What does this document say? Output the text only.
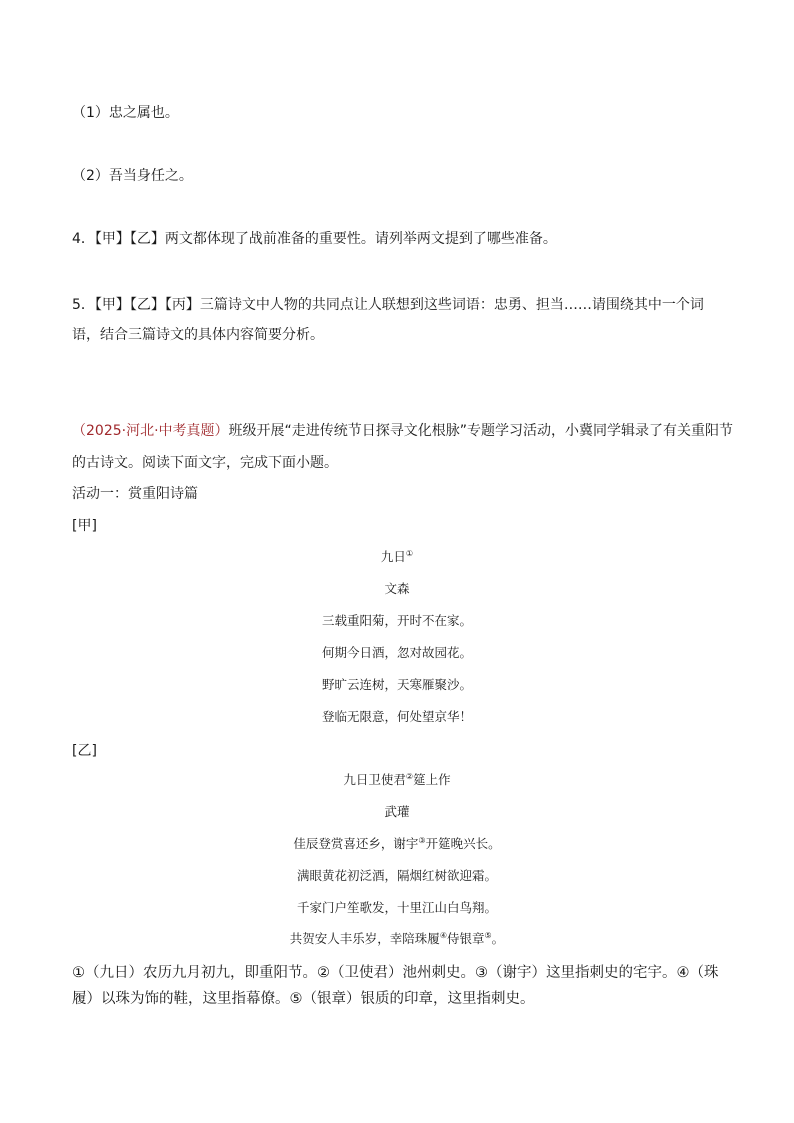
（1）忠之属也。
（2）吾当身任之。
4．【甲】【乙】两文都体现了战前准备的重要性。请列举两文提到了哪些准备。
5．【甲】【乙】【丙】三篇诗文中人物的共同点让人联想到这些词语：忠勇、担当……请围绕其中一个词
语，结合三篇诗文的具体内容简要分析。
（2025·河北·中考真题）班级开展“走进传统节日探寻文化根脉”专题学习活动，小冀同学辑录了有关重阳节
的古诗文。阅读下面文字，完成下面小题。
活动一：赏重阳诗篇
[甲]
九日①
文森
三载重阳菊，开时不在家。
何期今日酒，忽对故园花。
野旷云连树，天寒雁聚沙。
登临无限意，何处望京华！
[乙]
九日卫使君②筵上作
武瓘
佳辰登赏喜还乡，谢宇③开筵晚兴长。
满眼黄花初泛酒，隔烟红树欲迎霜。
千家门户笙歌发，十里江山白鸟翔。
共贺安人丰乐岁，幸陪珠履④侍银章⑤。
①（九日）农历九月初九，即重阳节。②（卫使君）池州刺史。③（谢宇）这里指刺史的宅宇。④（珠履）以珠为饰的鞋，这里指幕僚。⑤（银章）银质的印章，这里指刺史。
